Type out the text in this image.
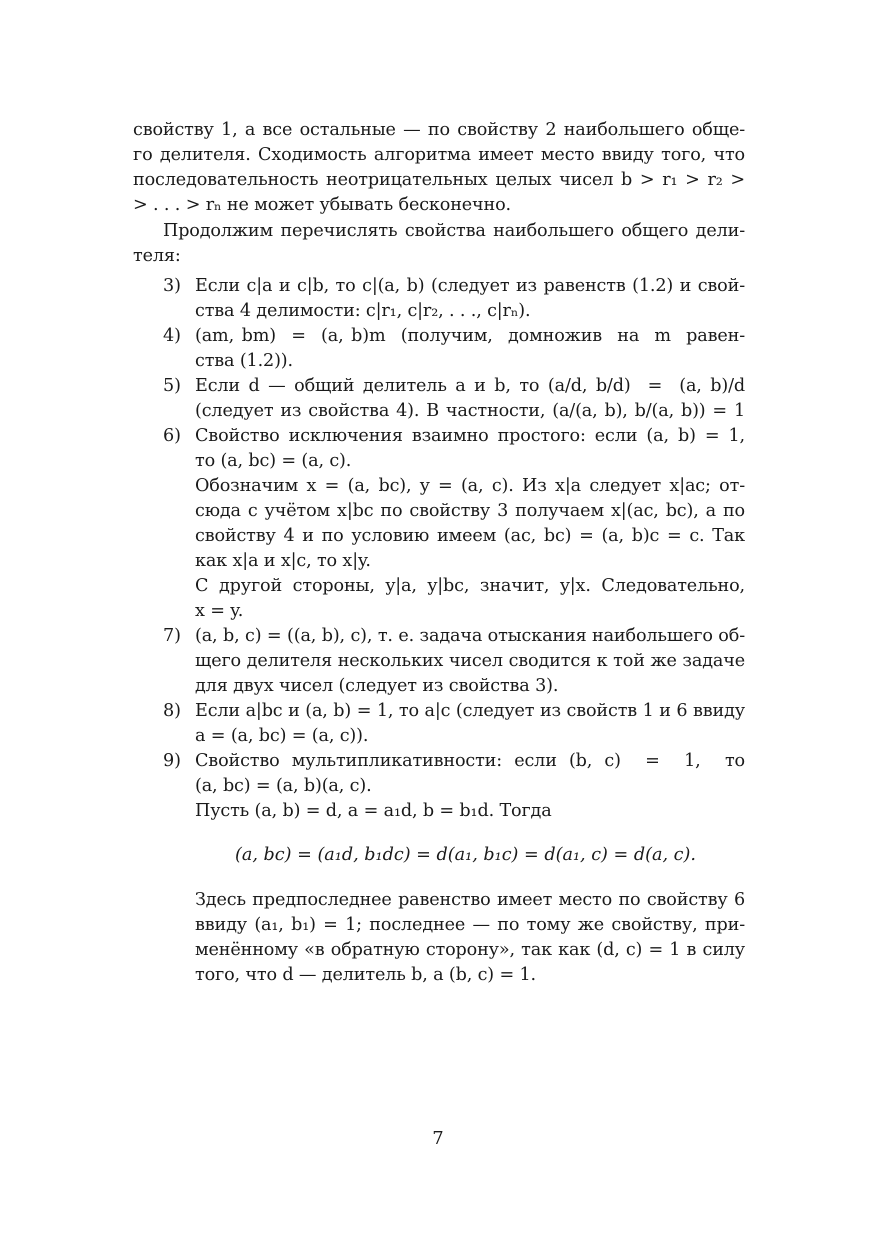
свойству 1, а все остальные — по свойству 2 наибольшего обще-
го делителя. Сходимость алгоритма имеет место ввиду того, что
последовательность неотрицательных целых чисел b > r₁ > r₂ >
> . . . > rₙ не может убывать бесконечно.
Продолжим перечислять свойства наибольшего общего дели-
теля:
3) Если c|a и c|b, то c|(a, b) (следует из равенств (1.2) и свой-
ства 4 делимости: c|r₁, c|r₂, . . ., c|rₙ).
4) (am, bm)  =  (a, b)m  (получим,  домножив  на  m  равен-
ства (1.2)).
5) Если d — общий делитель a и b, то (a/d, b/d)  =  (a, b)/d
(следует из свойства 4). В частности, (a/(a, b), b/(a, b)) = 1
6) Свойство исключения взаимно простого: если (a, b) = 1,
то (a, bc) = (a, c).
Обозначим x = (a, bc), y = (a, c). Из x|a следует x|ac; от-
сюда с учётом x|bc по свойству 3 получаем x|(ac, bc), а по
свойству 4 и по условию имеем (ac, bc) = (a, b)c = c. Так
как x|a и x|c, то x|y.
С другой стороны, y|a, y|bc, значит, y|x. Следовательно,
x = y.
7) (a, b, c) = ((a, b), c), т. е. задача отыскания наибольшего об-
щего делителя нескольких чисел сводится к той же задаче
для двух чисел (следует из свойства 3).
8) Если a|bc и (a, b) = 1, то a|c (следует из свойств 1 и 6 ввиду
a = (a, bc) = (a, c)).
9) Свойство мультипликативности: если (b, c)  =  1,  то
(a, bc) = (a, b)(a, c).
Пусть (a, b) = d, a = a₁d, b = b₁d. Тогда
(a, bc) = (a₁d, b₁dc) = d(a₁, b₁c) = d(a₁, c) = d(a, c).
Здесь предпоследнее равенство имеет место по свойству 6
ввиду (a₁, b₁) = 1; последнее — по тому же свойству, при-
менённому «в обратную сторону», так как (d, c) = 1 в силу
того, что d — делитель b, а (b, c) = 1.
7
